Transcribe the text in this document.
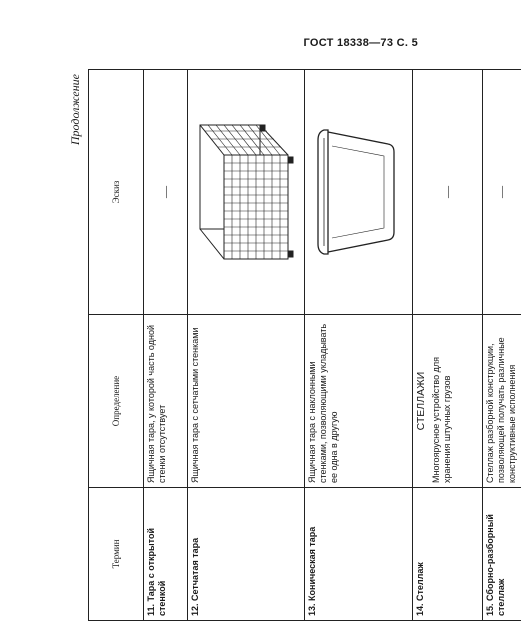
ГОСТ 18338—73 С. 5
Продолжение
Термин	Определение	Эскиз
11. Тара с открытой стенкой	Ящичная тара, у которой часть одной стенки отсутствует	—
12. Сетчатая тара	Ящичная тара с сетчатыми стенками	
13. Коническая тара	Ящичная тара с наклонными стенками, позволяющими укладывать ее одна в другую	
14. Стеллаж	СТЕЛЛАЖИ Многоярусное устройство для хранения штучных грузов	—
15. Сборно-разборный стеллаж	Стеллаж разборной конструкции, позволяющей получать различные конструктивные исполнения	—
